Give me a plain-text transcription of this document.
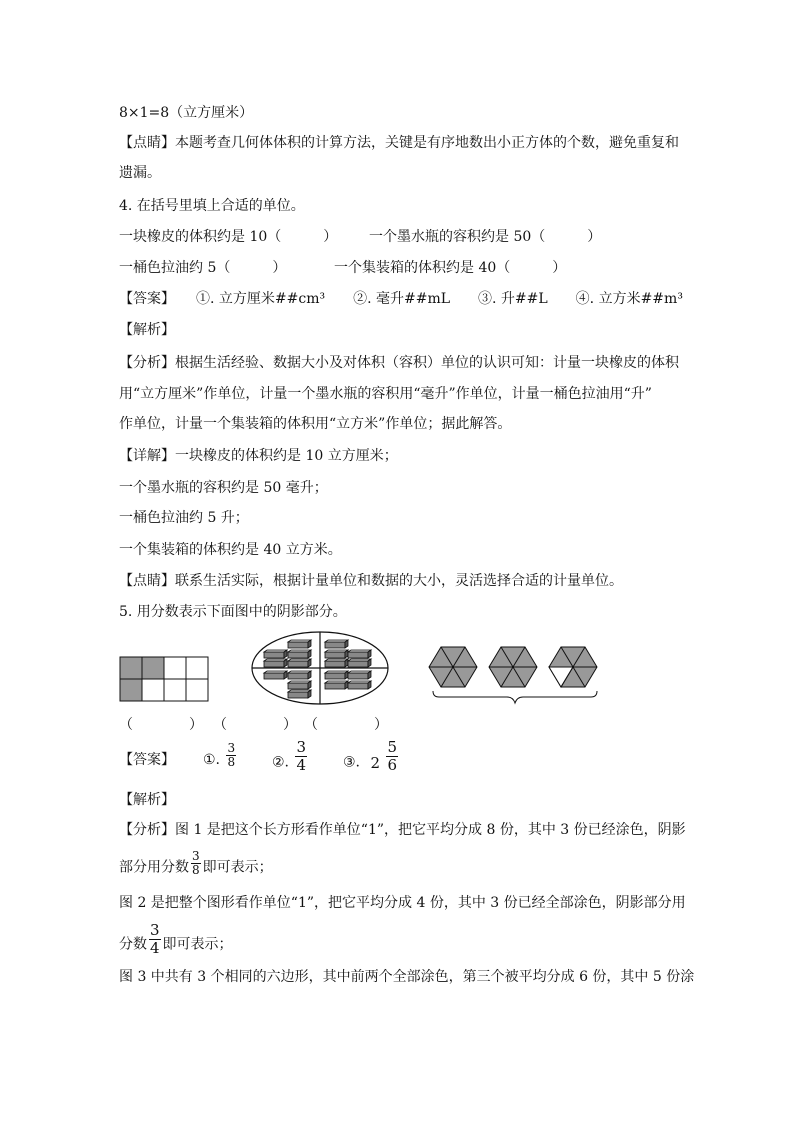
8×1=8（立方厘米）
【点睛】本题考查几何体体积的计算方法，关键是有序地数出小正方体的个数，避免重复和
遗漏。
4. 在括号里填上合适的单位。
一块橡皮的体积约是 10（　　　） 一个墨水瓶的容积约是 50（　　　）
一桶色拉油约 5（　　　）	一个集装箱的体积约是 40（　　　）
【答案】　　①. 立方厘米##cm³　　②. 毫升##mL　　③. 升##L　　④. 立方米##m³
【解析】
【分析】根据生活经验、数据大小及对体积（容积）单位的认识可知：计量一块橡皮的体积
用“立方厘米”作单位，计量一个墨水瓶的容积用“毫升”作单位，计量一桶色拉油用“升”
作单位，计量一个集装箱的体积用“立方米”作单位；据此解答。
【详解】一块橡皮的体积约是 10 立方厘米；
一个墨水瓶的容积约是 50 毫升；
一桶色拉油约 5 升；
一个集装箱的体积约是 40 立方米。
【点睛】联系生活实际，根据计量单位和数据的大小，灵活选择合适的计量单位。
5. 用分数表示下面图中的阴影部分。
（　　　　） （　　　　） （　　　　）
【答案】 ①. $\frac{3}{8}$	②. $\frac{3}{4}$	③. $2 \frac{5}{6}$
【解析】
【分析】图 1 是把这个长方形看作单位“1”，把它平均分成 8 份，其中 3 份已经涂色，阴影
部分用分数 $\frac{3}{8}$ 即可表示；
图 2 是把整个图形看作单位“1”，把它平均分成 4 份，其中 3 份已经全部涂色，阴影部分用
分数 $\frac{3}{4}$ 即可表示；
图 3 中共有 3 个相同的六边形，其中前两个全部涂色，第三个被平均分成 6 份，其中 5 份涂
